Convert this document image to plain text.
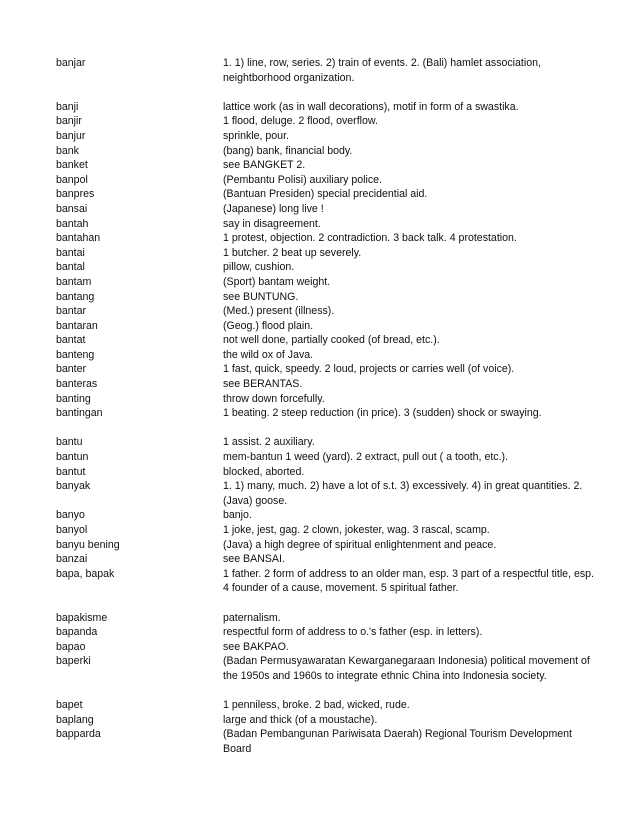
banjar	1. 1) line, row, series. 2) train of events. 2. (Bali) hamlet association, neightborhood organization.
banji	lattice work (as in wall decorations), motif in form of a swastika.
banjir	1 flood, deluge. 2 flood, overflow.
banjur	sprinkle, pour.
bank	(bang) bank, financial body.
banket	see BANGKET 2.
banpol	(Pembantu Polisi) auxiliary police.
banpres	(Bantuan Presiden) special precidential aid.
bansai	(Japanese) long live !
bantah	say in disagreement.
bantahan	1 protest, objection. 2 contradiction. 3 back talk. 4 protestation.
bantai	1 butcher. 2 beat up severely.
bantal	pillow, cushion.
bantam	(Sport) bantam weight.
bantang	see BUNTUNG.
bantar	(Med.) present (illness).
bantaran	(Geog.) flood plain.
bantat	not well done, partially cooked (of bread, etc.).
banteng	the wild ox of Java.
banter	1 fast, quick, speedy. 2 loud, projects or carries well (of voice).
banteras	see BERANTAS.
banting	throw down forcefully.
bantingan	1 beating. 2 steep reduction (in price). 3 (sudden) shock or swaying.
bantu	1 assist. 2 auxiliary.
bantun	mem-bantun 1 weed (yard). 2 extract, pull out ( a tooth, etc.).
bantut	blocked, aborted.
banyak	1. 1) many, much. 2) have a lot of s.t. 3) excessively. 4) in great quantities. 2. (Java) goose.
banyo	banjo.
banyol	1 joke, jest, gag. 2 clown, jokester, wag. 3 rascal, scamp.
banyu bening	(Java) a high degree of spiritual enlightenment and peace.
banzai	see BANSAI.
bapa, bapak	1 father. 2 form of address to an older man, esp. 3 part of a respectful title, esp. 4 founder of a cause, movement. 5 spiritual father.
bapakisme	paternalism.
bapanda	respectful form of address to o.'s father (esp. in letters).
bapao	see BAKPAO.
baperki	(Badan Permusyawaratan Kewarganegaraan Indonesia) political movement of the 1950s and 1960s to integrate ethnic China into Indonesia society.
bapet	1 penniless, broke. 2 bad, wicked, rude.
baplang	large and thick (of a moustache).
bapparda	(Badan Pembangunan Pariwisata Daerah) Regional Tourism Development Board
